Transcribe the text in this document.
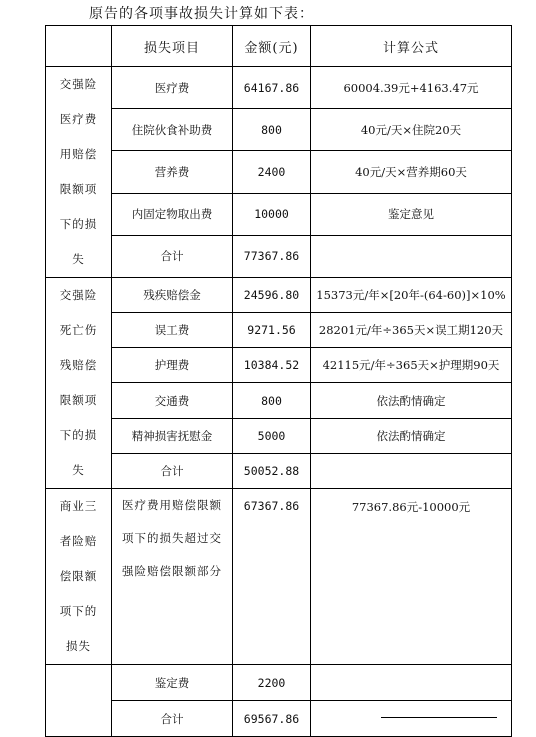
原告的各项事故损失计算如下表：
	损失项目	金额(元)	计算公式

交强险医疗费用赔偿限额项下的损失	医疗费	64167.86	60004.39元+4163.47元
	住院伙食补助费	800	40元/天×住院20天
	营养费	2400	40元/天×营养期60天
	内固定物取出费	10000	鉴定意见
	合计	77367.86	

交强险死亡伤残赔偿限额项下的损失	残疾赔偿金	24596.80	15373元/年×[20年-(64-60)]×10%
	误工费	9271.56	28201元/年÷365天×误工期120天
	护理费	10384.52	42115元/年÷365天×护理期90天
	交通费	800	依法酌情确定
	精神损害抚慰金	5000	依法酌情确定
	合计	50052.88	

商业三者险赔偿限额项下的损失	医疗费用赔偿限额项下的损失超过交强险赔偿限额部分	67367.86	77367.86元-10000元
	鉴定费	2200	
	合计	69567.86	
